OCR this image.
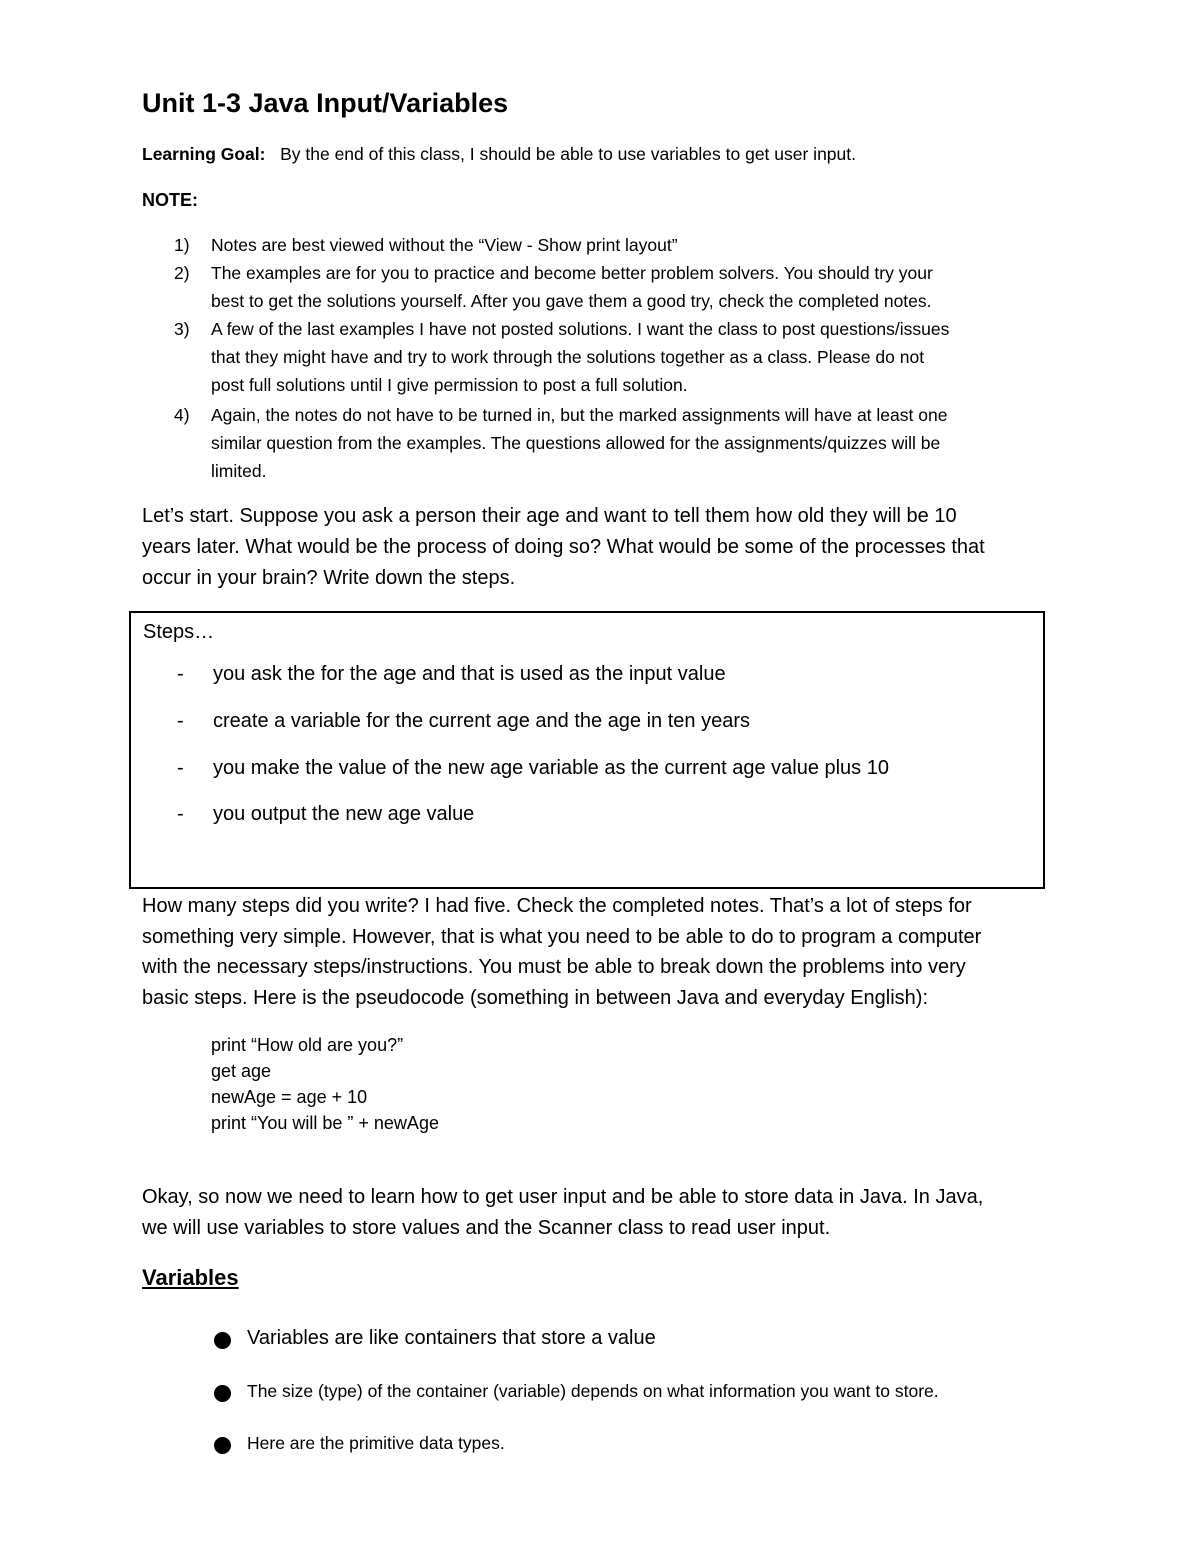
Unit 1-3 Java Input/Variables
Learning Goal: By the end of this class, I should be able to use variables to get user input.
NOTE:
1) Notes are best viewed without the “View - Show print layout”
2) The examples are for you to practice and become better problem solvers. You should try your
best to get the solutions yourself. After you gave them a good try, check the completed notes.
3) A few of the last examples I have not posted solutions. I want the class to post questions/issues
that they might have and try to work through the solutions together as a class. Please do not
post full solutions until I give permission to post a full solution.
4) Again, the notes do not have to be turned in, but the marked assignments will have at least one
similar question from the examples. The questions allowed for the assignments/quizzes will be
limited.
Let’s start. Suppose you ask a person their age and want to tell them how old they will be 10
years later. What would be the process of doing so? What would be some of the processes that
occur in your brain? Write down the steps.
Steps…
- you ask the for the age and that is used as the input value
- create a variable for the current age and the age in ten years
- you make the value of the new age variable as the current age value plus 10
- you output the new age value
How many steps did you write? I had five. Check the completed notes. That’s a lot of steps for
something very simple. However, that is what you need to be able to do to program a computer
with the necessary steps/instructions. You must be able to break down the problems into very
basic steps. Here is the pseudocode (something in between Java and everyday English):
print “How old are you?”
get age
newAge = age + 10
print “You will be ” + newAge
Okay, so now we need to learn how to get user input and be able to store data in Java. In Java,
we will use variables to store values and the Scanner class to read user input.
Variables
Variables are like containers that store a value
The size (type) of the container (variable) depends on what information you want to store.
Here are the primitive data types.
